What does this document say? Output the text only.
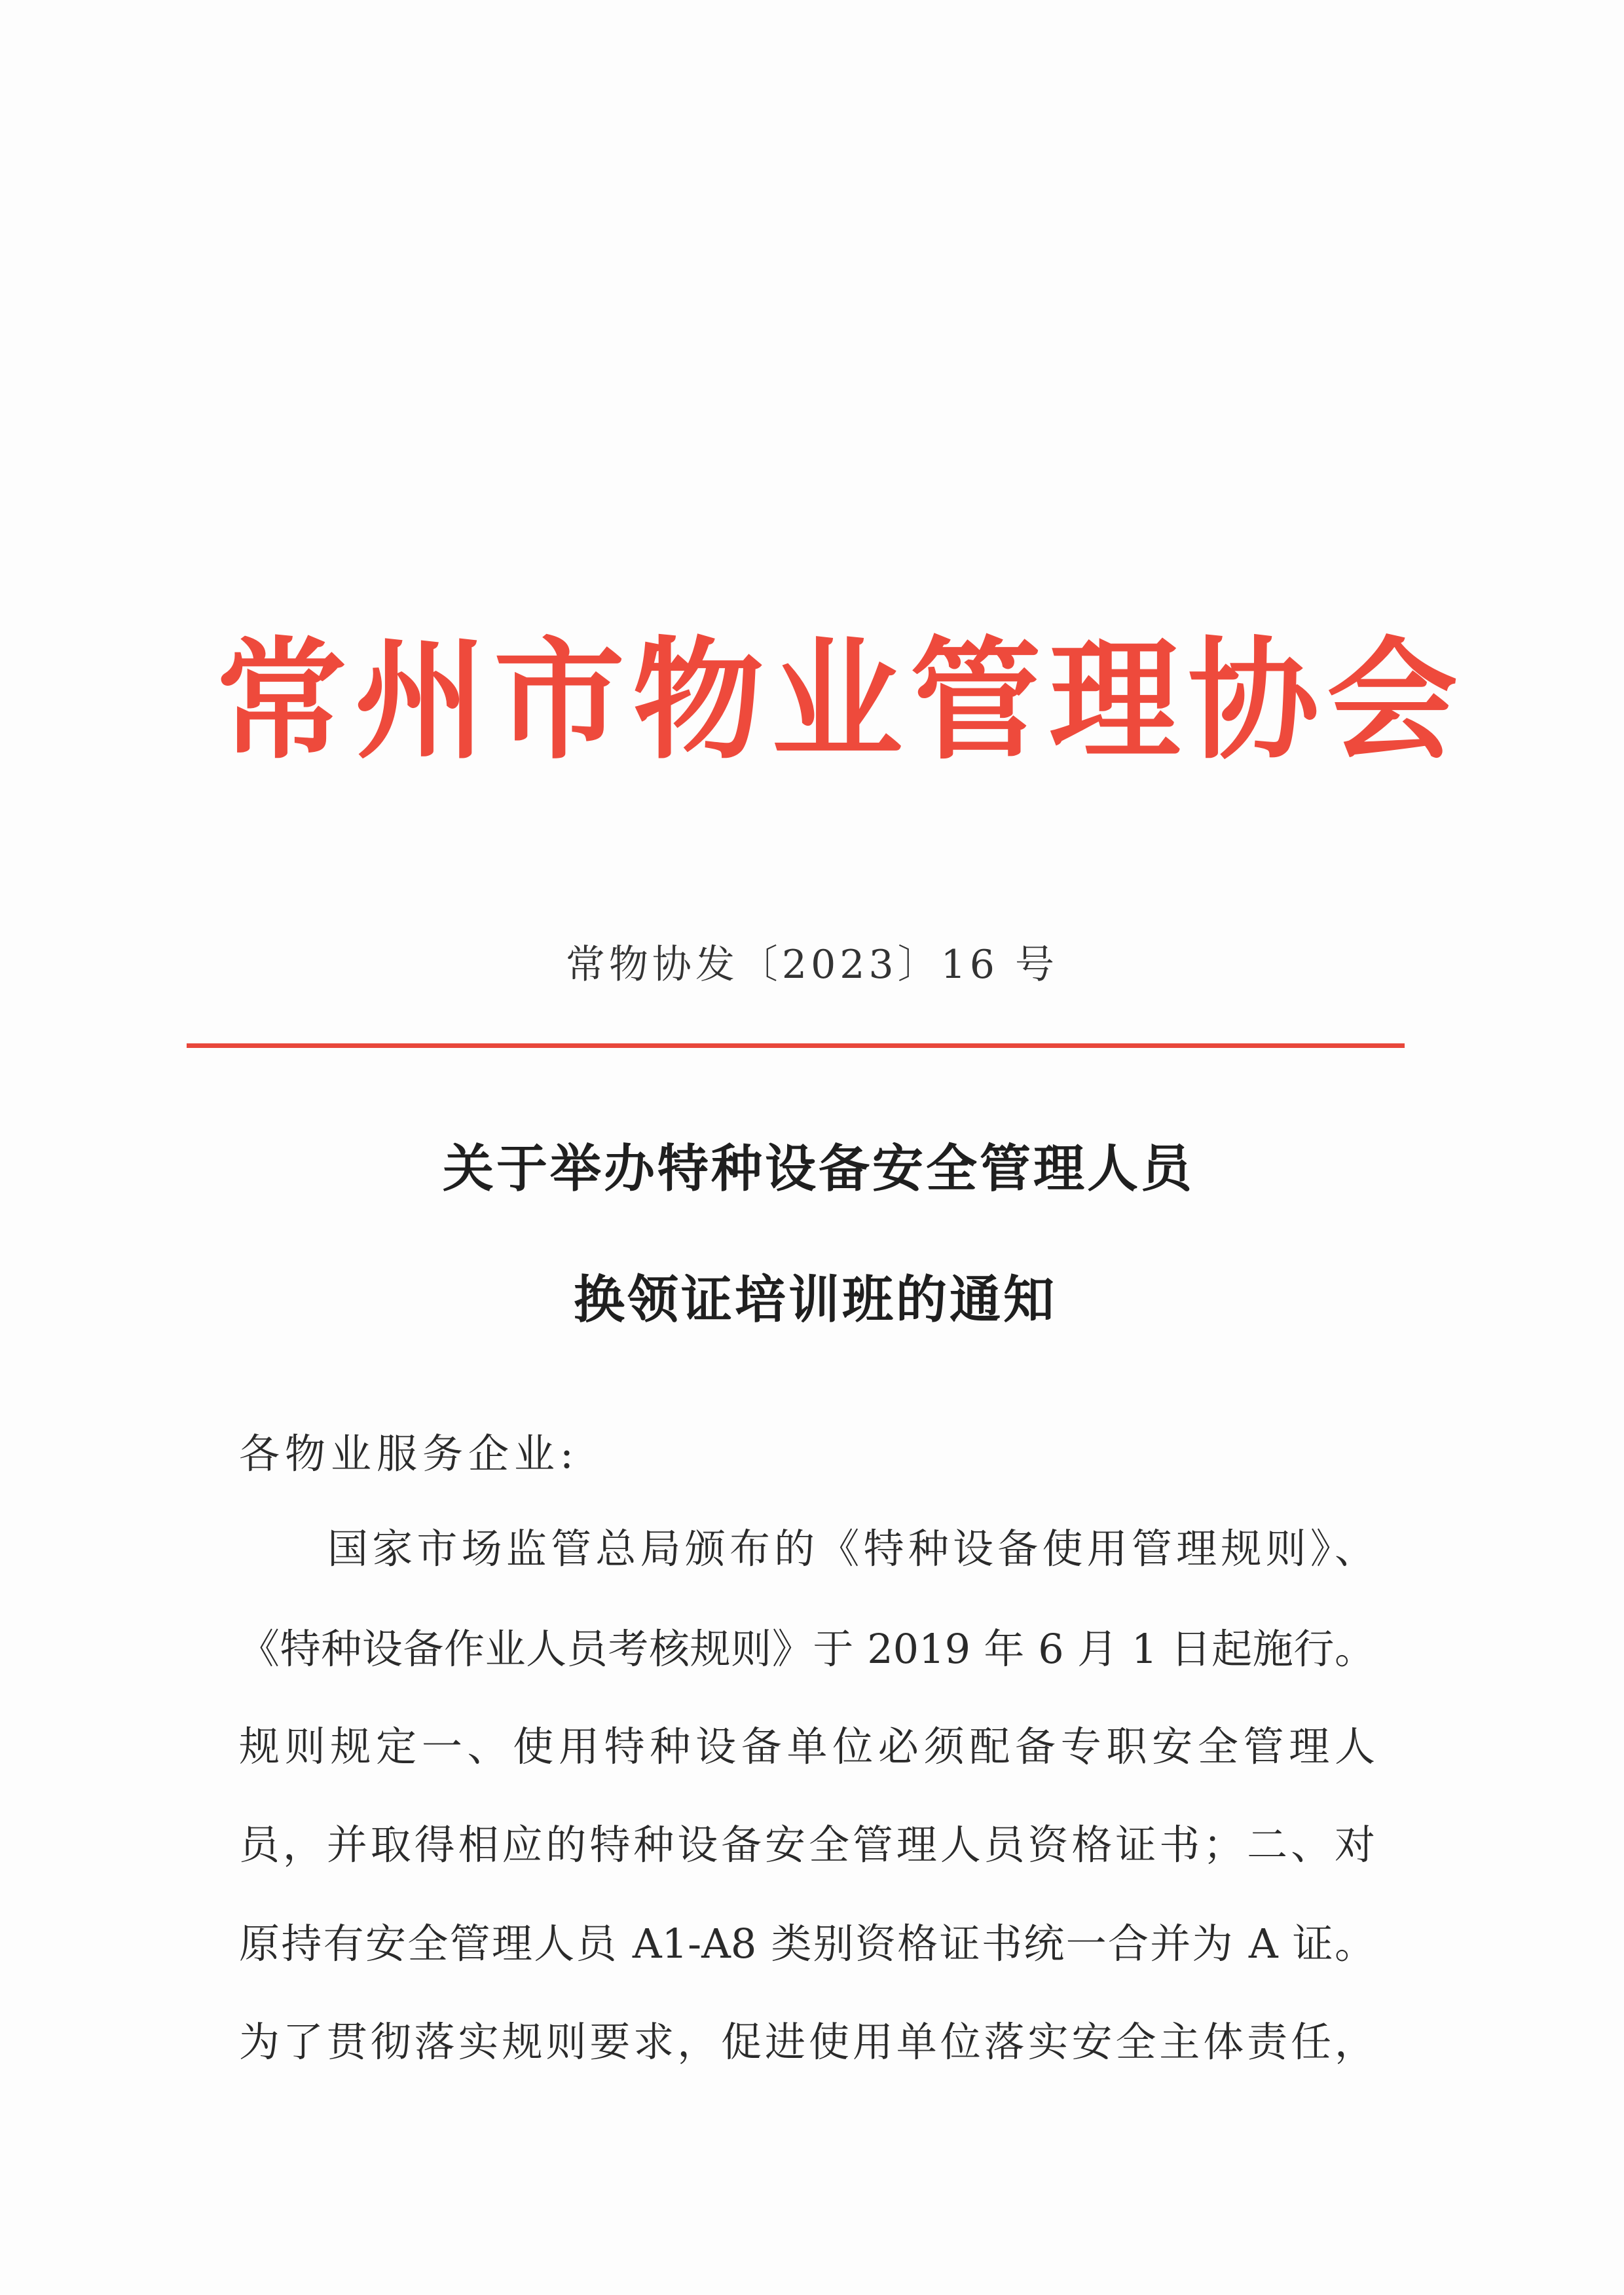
常州市物业管理协会
常物协发〔2023〕16 号
关于举办特种设备安全管理人员
换领证培训班的通知
各物业服务企业:
国家市场监管总局颁布的《特种设备使用管理规则》、
《特种设备作业人员考核规则》于 2019 年 6 月 1 日起施行。
规则规定一、使用特种设备单位必须配备专职安全管理人
员，并取得相应的特种设备安全管理人员资格证书；二、对
原持有安全管理人员 A1-A8 类别资格证书统一合并为 A 证。
为了贯彻落实规则要求，促进使用单位落实安全主体责任，
